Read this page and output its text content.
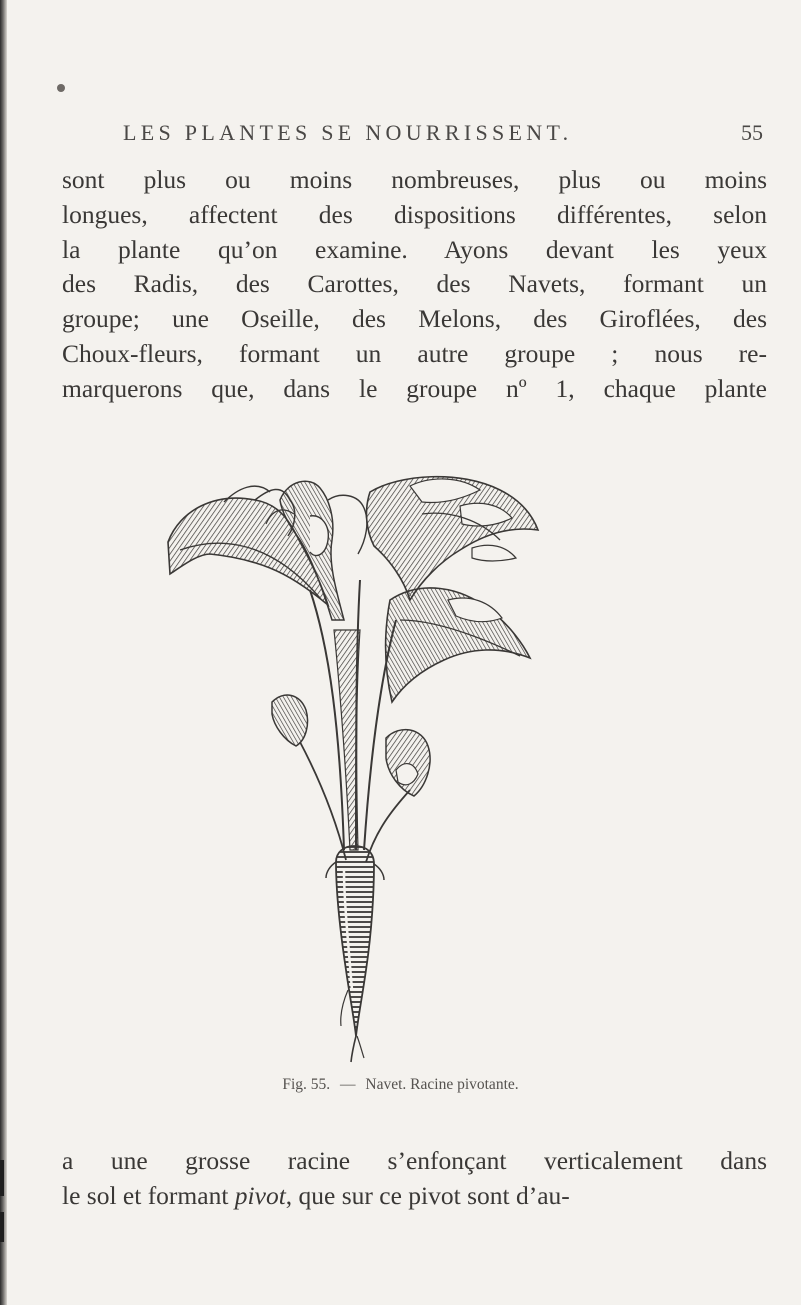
LES PLANTES SE NOURRISSENT.	55
sont plus ou moins nombreuses, plus ou moins
longues, affectent des dispositions différentes, selon
la plante qu’on examine. Ayons devant les yeux
des Radis, des Carottes, des Navets, formant un
groupe; une Oseille, des Melons, des Giroflées, des
Choux-fleurs, formant un autre groupe ; nous re-
marquerons que, dans le groupe nº 1, chaque plante
Fig. 55. — Navet. Racine pivotante.
a une grosse racine s’enfonçant verticalement dans
le sol et formant pivot, que sur ce pivot sont d’au-
